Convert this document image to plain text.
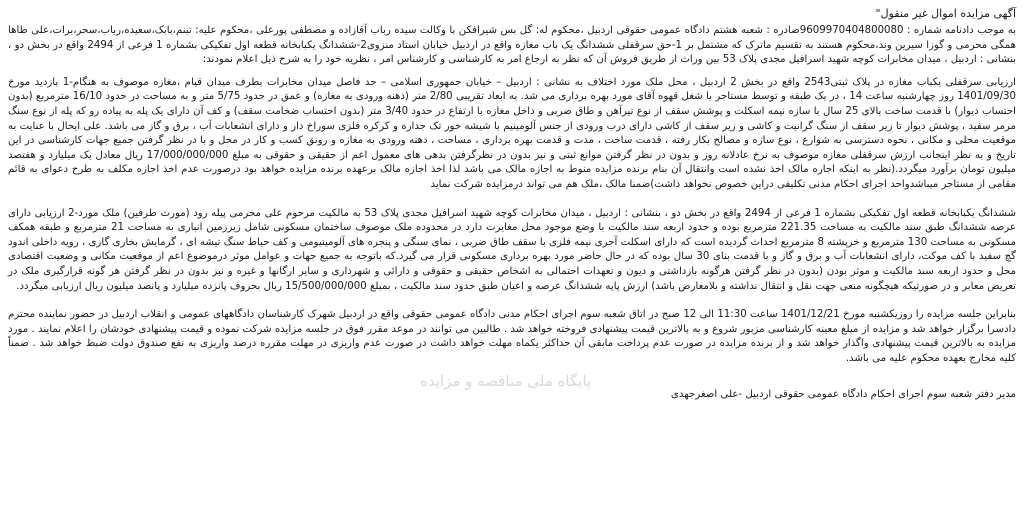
آگهی مزایده اموال غیر منقول"

به موجب دادنامه شماره : 9609970404800080صادره : شعبه هشتم دادگاه عمومی حقوقی اردبیل ،محکوم له: گل بس شیرافکن با وکالت سیده رباب آقازاده و مصطفی پورعلی ،محکوم علیه: تبنم،بابک،سعیده،رباب،سحر،برات،علی طاها همگی محرمی و گوزا سیرین وند،محکوم هستند به تقسیم ماترک که مشتمل بر 1-حق سرقفلی ششدانگ یک باب مغازه واقع در اردبیل خیابان استاد منزوی2-ششدانگ یکبابخانه قطعه اول تفکیکی بشماره 1 فرعی از 2494 واقع در بخش دو ، بنشانی : اردبیل ، میدان مخابرات کوچه شهید اسرافیل مجدی پلاک 53 بین وراث از طریق فروش آن که نظر به ارجاع امر به کارشناسی و کارشناس امر ، نظریه خود را به شرح ذیل اعلام نمودند:

ارزیابی سرقفلی یکباب مغازه در پلاک ثبتی2543 واقع در بخش 2 اردبیل ، محل ملک مورد اختلاف به نشانی : اردبیل – خیابان جمهوری اسلامی – حد فاصل میدان مخابرات بطرف میدان قیام ،مغازه موصوف به هنگام-1 بازدید مورخ 1401/09/30 روز چهارشنبه ساعت 14 ، در یک طبقه و توسط مستاجر با شغل قهوه آقای مورد بهره برداری می شد. به ابعاد تقریبی 2/80 متر (دهنه ورودی به مغازه) و عمق در حدود 5/75 متر و به مساحت در حدود 16/10 مترمربع (بدون احتساب دیوار) با قدمت ساخت بالای 25 سال با سازه نیمه اسکلت و پوشش سقف از نوع تیرآهن و طاق ضربی و داخل مغازه با ارتفاع در حدود 3/40 متر (بدون احتساب ضخامت سقف) و کف آن دارای یک پله به پیاده رو که پله از نوع سنگ مرمر سفید ، پوشش دیوار تا زیر سقف از سنگ گرانیت و کاشی و زیر سقف از کاشی دارای درب ورودی از جنس آلومینیم با شیشه خور تک جداره و کرکره فلزی سوراخ دار و دارای انشعابات آب ، برق و گاز می باشد. علی ایحال با عنایت به موقعیت محلی و مکانی ، نحوه دسترسی به شوارع ، نوع سازه و مصالح بکار رفته ، قدمت ساخت ، مدت و قدمت بهره برداری ، مساحت ، دهنه ورودی به مغازه و رونق کسب و کار در محل و با در نظر گرفتن جمیع جهات کارشناسی در این تاریخ و به نظر اینجانب ارزش سرقفلی مغازه موصوف به نرخ عادلانه روز و بدون در نظر گرفتن موانع ثبتی و نیز بدون در نظرگرفتن بدهی های معمول اعم از حقیقی و حقوقی به مبلغ 17/000/000/000 ریال معادل یک میلیارد و هفتصد میلیون تومان برآورد میگردد.(نظر به اینکه اجاره مالک اخذ نشده است وانتقال آن بنام برنده مزایده منوط به اجازه مالک می باشد لذا اخذ اجازه مالک برعهده برنده مزایده خواهد بود درصورت عدم اخذ اجازه مکلف به طرح دعوای به قائم مقامی از مستاجر میباشدواحد اجرای احکام مدنی تکلیفی دراین خصوص نخواهد داشت)ضمنا مالک ،ملک هم می تواند درمزایده شرکت نماید

ششدانگ یکبابخانه قطعه اول تفکیکی بشماره 1 فرعی از 2494 واقع در بخش دو ، بنشانی : اردبیل ، میدان مخابرات کوچه شهید اسرافیل مجدی پلاک 53 به مالکیت مرحوم علی محرمی پیله رود (مورث طرفین) ملک مورد-2 ارزیابی دارای عرصه ششدانگ طبق سند مالکیت به مساحت 221.35 مترمربع بوده و حدود اربعه سند مالکیت با وضع موجود محل مغایرت دارد در محدوده ملک موصوف ساختمان مسکونی شامل زیرزمین انباری به مساحت 21 مترمربع و طبقه همکف مسکونی به مساحت 130 مترمربع و خرپشته 8 مترمربع احداث گردیده است که دارای اسکلت آجری نیمه فلزی با سقف طاق ضربی ، نمای سنگی و پنجره های آلومینیومی و کف حیاط سنگ تیشه ای ، گرمایش بخاری گازی ، رویه داخلی اندود گچ سفید با کف موکت، دارای انشعابات آب و برق و گاز و با قدمت بنای 30 سال بوده که در حال حاضر مورد بهره برداری مسکونی قرار می گیرد.که باتوجه به جمیع جهات و عوامل موثر درموضوع اعم از موقعیت مکانی و وضعیت اقتصادی محل و حدود اربعه سند مالکیت و موثر بودن (بدون در نظر گرفتن هرگونه بازداشتی و دیون و تعهدات احتمالی به اشخاص حقیقی و حقوقی و دارائی و شهرداری و سایر ارگانها و غیره و نیز بدون در نظر گرفتن هر گونه قرارگیری ملک در تعریض معابر و در صورتیکه هیچگونه منعی جهت نقل و انتقال نداشته و بلامعارض باشد) ارزش پایه ششدانگ عرصه و اعیان طبق حدود سند مالکیت ، بمبلغ 15/500/000/000 ریال بحروف پانزده میلیارد و پانصد میلیون ریال ارزیابی میگردد.

بنابراین جلسه مزایده را روزیکشنبه مورخ 1401/12/21 ساعت 11:30 الی 12 صبح در اتاق شعبه سوم اجرای احکام مدنی دادگاه عمومی حقوقی واقع در اردبیل شهرک کارشناسان دادگاههای عمومی و انقلاب اردبیل در حضور نماینده محترم دادسرا برگزار خواهد شد و مزایده از مبلغ معینه کارشناسی مزبور شروع و به بالاترین قیمت پیشنهادی فروخته خواهد شد . طالبین می توانند در موعد مقرر فوق در جلسه مزایده شرکت نموده و قیمت پیشنهادی خودشان را اعلام نمایند . مورد مزایده به بالاترین قیمت پیشنهادی واگذار خواهد شد و از برنده مزایده در صورت عدم پرداخت مابقی آن حداکثر یکماه مهلت خواهد داشت در صورت عدم واریزی در مهلت مقرره درصد واریزی به نفع صندوق دولت ضبط خواهد شد . ضمناً کلیه مخارج بعهده محکوم علیه می باشد.

مدیر دفتر شعبه سوم اجرای احکام دادگاه عمومی حقوقی اردبیل -علی اصغرجهدی
پایگاه ملی مناقصه و مزایده
